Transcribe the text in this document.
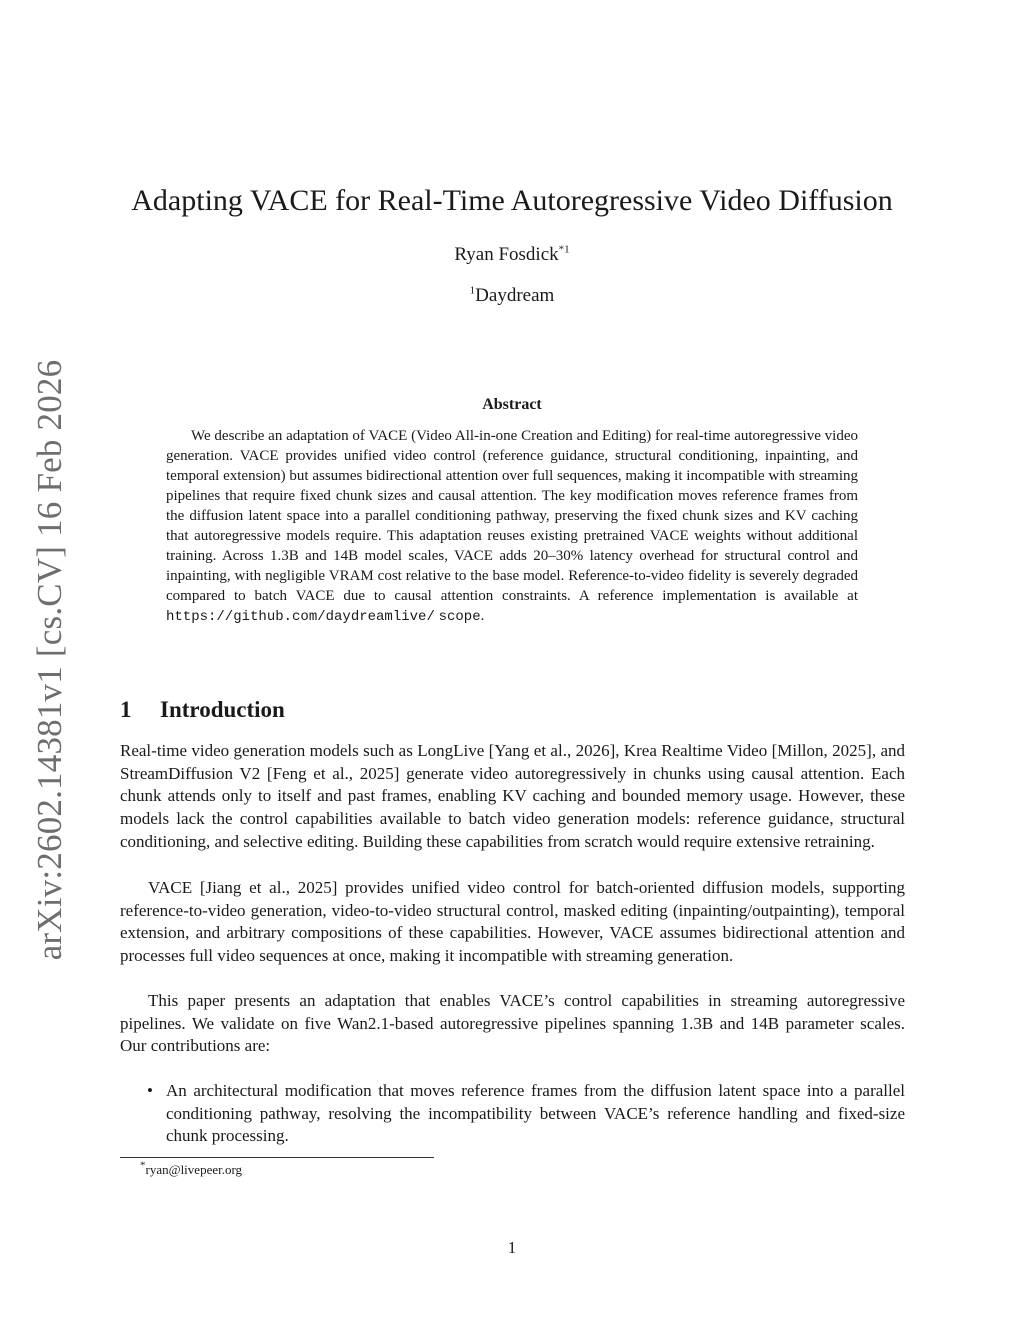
arXiv:2602.14381v1 [cs.CV] 16 Feb 2026
Adapting VACE for Real-Time Autoregressive Video Diffusion
Ryan Fosdick$^{*1}$
$^1$Daydream
Abstract

We describe an adaptation of VACE (Video All-in-one Creation and Editing) for real-time autoregressive video generation. VACE provides unified video control (reference guidance, structural conditioning, inpainting, and temporal extension) but assumes bidirectional attention over full sequences, making it incompatible with streaming pipelines that require fixed chunk sizes and causal attention. The key modification moves reference frames from the diffusion latent space into a parallel conditioning pathway, preserving the fixed chunk sizes and KV caching that autoregressive models require. This adaptation reuses existing pretrained VACE weights without additional training. Across 1.3B and 14B model scales, VACE adds 20–30% latency overhead for structural control and inpainting, with negligible VRAM cost relative to the base model. Reference-to-video fidelity is severely degraded compared to batch VACE due to causal attention constraints. A reference implementation is available at https://github.com/daydreamlive/ scope.

1 Introduction

Real-time video generation models such as LongLive [Yang et al., 2026], Krea Realtime Video [Millon, 2025], and StreamDiffusion V2 [Feng et al., 2025] generate video autoregressively in chunks using causal attention. Each chunk attends only to itself and past frames, enabling KV caching and bounded memory usage. However, these models lack the control capabilities available to batch video generation models: reference guidance, structural conditioning, and selective editing. Building these capabilities from scratch would require extensive retraining.

VACE [Jiang et al., 2025] provides unified video control for batch-oriented diffusion models, supporting reference-to-video generation, video-to-video structural control, masked editing (inpainting/outpainting), temporal extension, and arbitrary compositions of these capabilities. However, VACE assumes bidirectional attention and processes full video sequences at once, making it incompatible with streaming generation.

This paper presents an adaptation that enables VACE’s control capabilities in streaming autoregressive pipelines. We validate on five Wan2.1-based autoregressive pipelines spanning 1.3B and 14B parameter scales. Our contributions are:

• An architectural modification that moves reference frames from the diffusion latent space into a parallel conditioning pathway, resolving the incompatibility between VACE’s reference handling and fixed-size chunk processing.
*ryan@livepeer.org
1
